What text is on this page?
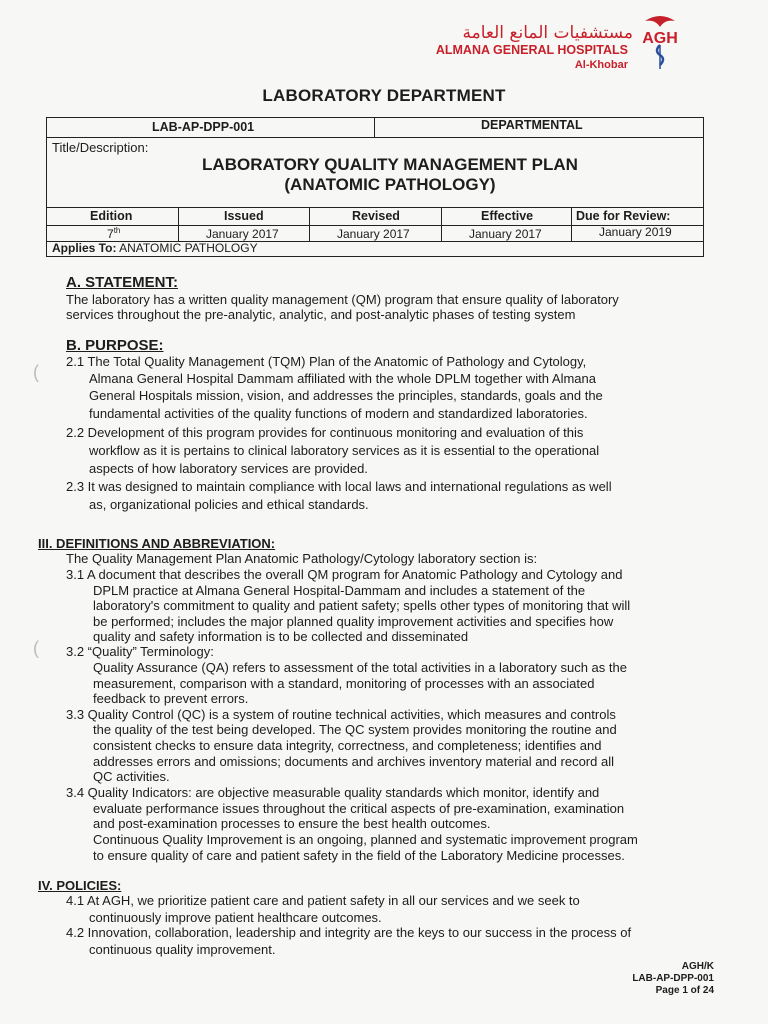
مستشفيات المانع العامة
ALMANA GENERAL HOSPITALS
Al-Khobar
AGH
LABORATORY DEPARTMENT
LAB-AP-DPP-001	DEPARTMENTAL
Title/Description:
LABORATORY QUALITY MANAGEMENT PLAN
(ANATOMIC PATHOLOGY)
Edition	Issued	Revised	Effective	Due for Review:
7th	January 2017	January 2017	January 2017	January 2019
Applies To: ANATOMIC PATHOLOGY
A. STATEMENT:
The laboratory has a written quality management (QM) program that ensure quality of laboratory
services throughout the pre-analytic, analytic, and post-analytic phases of testing system
B. PURPOSE:
2.1 The Total Quality Management (TQM) Plan of the Anatomic of Pathology and Cytology,
Almana General Hospital Dammam affiliated with the whole DPLM together with Almana
General Hospitals mission, vision, and addresses the principles, standards, goals and the
fundamental activities of the quality functions of modern and standardized laboratories.
2.2 Development of this program provides for continuous monitoring and evaluation of this
workflow as it is pertains to clinical laboratory services as it is essential to the operational
aspects of how laboratory services are provided.
2.3 It was designed to maintain compliance with local laws and international regulations as well
as, organizational policies and ethical standards.
III. DEFINITIONS AND ABBREVIATION:
The Quality Management Plan Anatomic Pathology/Cytology laboratory section is:
3.1 A document that describes the overall QM program for Anatomic Pathology and Cytology and
DPLM practice at Almana General Hospital-Dammam and includes a statement of the
laboratory's commitment to quality and patient safety; spells other types of monitoring that will
be performed; includes the major planned quality improvement activities and specifies how
quality and safety information is to be collected and disseminated
3.2 “Quality” Terminology:
Quality Assurance (QA) refers to assessment of the total activities in a laboratory such as the
measurement, comparison with a standard, monitoring of processes with an associated
feedback to prevent errors.
3.3 Quality Control (QC) is a system of routine technical activities, which measures and controls
the quality of the test being developed. The QC system provides monitoring the routine and
consistent checks to ensure data integrity, correctness, and completeness; identifies and
addresses errors and omissions; documents and archives inventory material and record all
QC activities.
3.4 Quality Indicators: are objective measurable quality standards which monitor, identify and
evaluate performance issues throughout the critical aspects of pre-examination, examination
and post-examination processes to ensure the best health outcomes.
Continuous Quality Improvement is an ongoing, planned and systematic improvement program
to ensure quality of care and patient safety in the field of the Laboratory Medicine processes.
IV. POLICIES:
4.1 At AGH, we prioritize patient care and patient safety in all our services and we seek to
continuously improve patient healthcare outcomes.
4.2 Innovation, collaboration, leadership and integrity are the keys to our success in the process of
continuous quality improvement.
(
(
AGH/K
LAB-AP-DPP-001
Page 1 of 24
